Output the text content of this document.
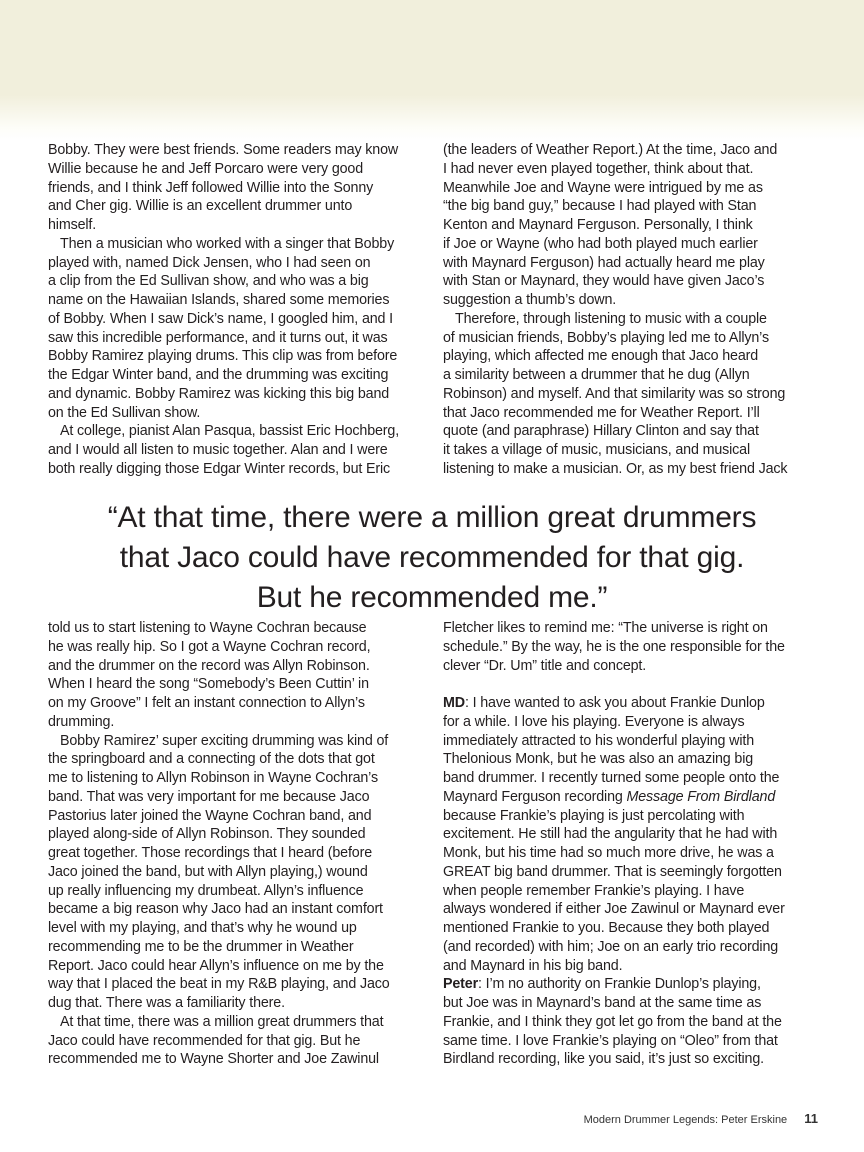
Bobby. They were best friends. Some readers may know
Willie because he and Jeff Porcaro were very good
friends, and I think Jeff followed Willie into the Sonny
and Cher gig. Willie is an excellent drummer unto
himself.
Then a musician who worked with a singer that Bobby
played with, named Dick Jensen, who I had seen on
a clip from the Ed Sullivan show, and who was a big
name on the Hawaiian Islands, shared some memories
of Bobby. When I saw Dick’s name, I googled him, and I
saw this incredible performance, and it turns out, it was
Bobby Ramirez playing drums. This clip was from before
the Edgar Winter band, and the drumming was exciting
and dynamic. Bobby Ramirez was kicking this big band
on the Ed Sullivan show.
At college, pianist Alan Pasqua, bassist Eric Hochberg,
and I would all listen to music together. Alan and I were
both really digging those Edgar Winter records, but Eric
(the leaders of Weather Report.) At the time, Jaco and
I had never even played together, think about that.
Meanwhile Joe and Wayne were intrigued by me as
“the big band guy,” because I had played with Stan
Kenton and Maynard Ferguson. Personally, I think
if Joe or Wayne (who had both played much earlier
with Maynard Ferguson) had actually heard me play
with Stan or Maynard, they would have given Jaco’s
suggestion a thumb’s down.
Therefore, through listening to music with a couple
of musician friends, Bobby’s playing led me to Allyn’s
playing, which affected me enough that Jaco heard
a similarity between a drummer that he dug (Allyn
Robinson) and myself. And that similarity was so strong
that Jaco recommended me for Weather Report. I’ll
quote (and paraphrase) Hillary Clinton and say that
it takes a village of music, musicians, and musical
listening to make a musician. Or, as my best friend Jack
“At that time, there were a million great drummers
that Jaco could have recommended for that gig.
But he recommended me.”
told us to start listening to Wayne Cochran because
he was really hip. So I got a Wayne Cochran record,
and the drummer on the record was Allyn Robinson.
When I heard the song “Somebody’s Been Cuttin’ in
on my Groove” I felt an instant connection to Allyn’s
drumming.
Bobby Ramirez’ super exciting drumming was kind of
the springboard and a connecting of the dots that got
me to listening to Allyn Robinson in Wayne Cochran’s
band. That was very important for me because Jaco
Pastorius later joined the Wayne Cochran band, and
played along-side of Allyn Robinson. They sounded
great together. Those recordings that I heard (before
Jaco joined the band, but with Allyn playing,) wound
up really influencing my drumbeat. Allyn’s influence
became a big reason why Jaco had an instant comfort
level with my playing, and that’s why he wound up
recommending me to be the drummer in Weather
Report. Jaco could hear Allyn’s influence on me by the
way that I placed the beat in my R&B playing, and Jaco
dug that. There was a familiarity there.
At that time, there was a million great drummers that
Jaco could have recommended for that gig. But he
recommended me to Wayne Shorter and Joe Zawinul
Fletcher likes to remind me: “The universe is right on
schedule.” By the way, he is the one responsible for the
clever “Dr. Um” title and concept.
MD: I have wanted to ask you about Frankie Dunlop
for a while. I love his playing. Everyone is always
immediately attracted to his wonderful playing with
Thelonious Monk, but he was also an amazing big
band drummer. I recently turned some people onto the
Maynard Ferguson recording Message From Birdland
because Frankie’s playing is just percolating with
excitement. He still had the angularity that he had with
Monk, but his time had so much more drive, he was a
GREAT big band drummer. That is seemingly forgotten
when people remember Frankie’s playing. I have
always wondered if either Joe Zawinul or Maynard ever
mentioned Frankie to you. Because they both played
(and recorded) with him; Joe on an early trio recording
and Maynard in his big band.
Peter: I’m no authority on Frankie Dunlop’s playing,
but Joe was in Maynard’s band at the same time as
Frankie, and I think they got let go from the band at the
same time. I love Frankie’s playing on “Oleo” from that
Birdland recording, like you said, it’s just so exciting.
Modern Drummer Legends: Peter Erskine 11
